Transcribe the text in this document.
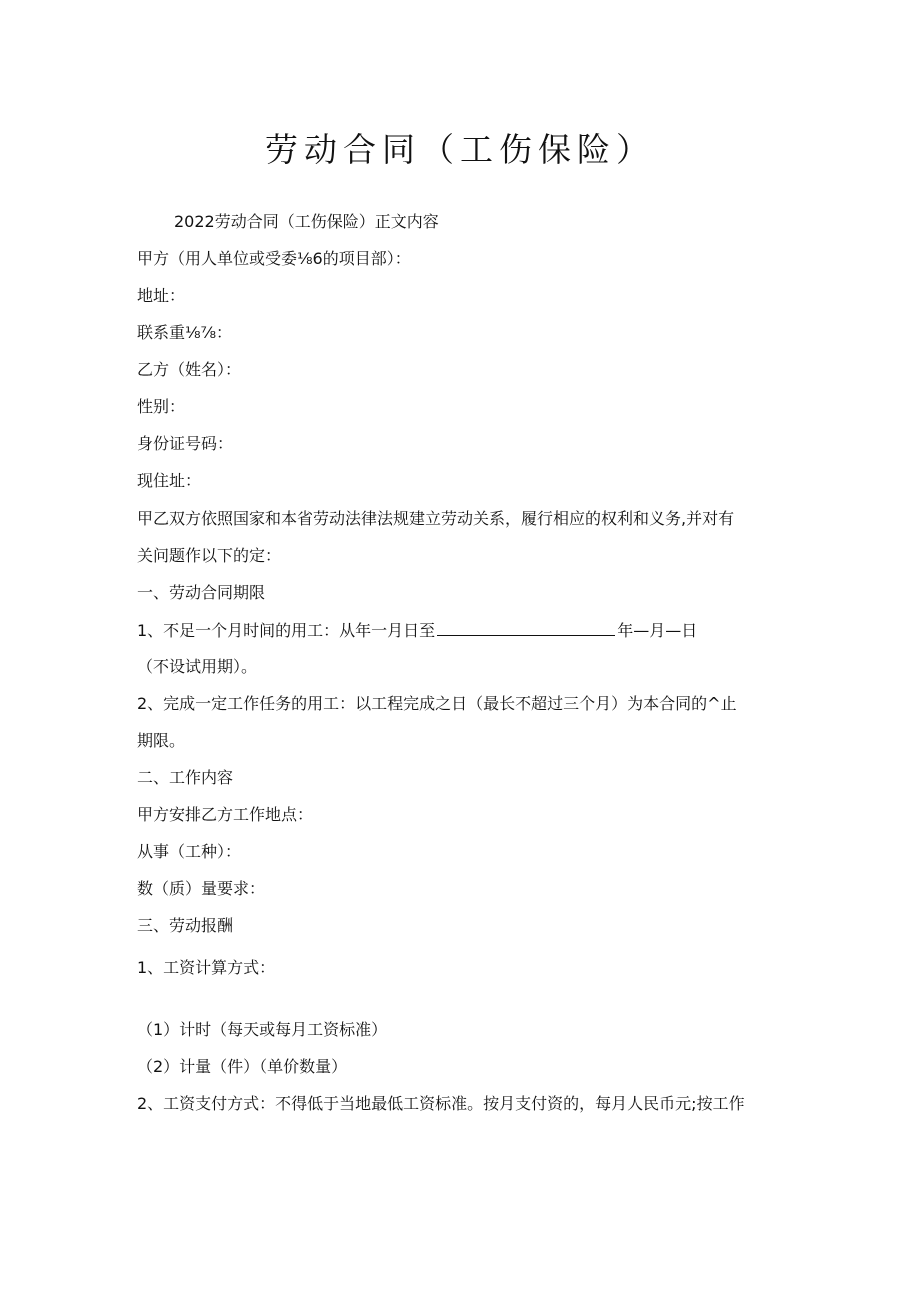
劳动合同（工伤保险）
2022劳动合同（工伤保险）正文内容
甲方（用人单位或受委⅛6的项目部）：
地址：
联系重⅛⅞：
乙方（姓名）：
性别：
身份证号码：
现住址：
甲乙双方依照国家和本省劳动法律法规建立劳动关系，履行相应的权利和义务,并对有
关问题作以下的定：
一、劳动合同期限
1、不足一个月时间的用工：从年一月日至	年—月—日
（不设试用期）。
2、完成一定工作任务的用工：以工程完成之日（最长不超过三个月）为本合同的^止
期限。
二、工作内容
甲方安排乙方工作地点：
从事（工种）：
数（质）量要求：
三、劳动报酬
1、工资计算方式：
（1）计时（每天或每月工资标准）
（2）计量（件）（单价数量）
2、工资支付方式：不得低于当地最低工资标准。按月支付资的，每月人民币元;按工作
